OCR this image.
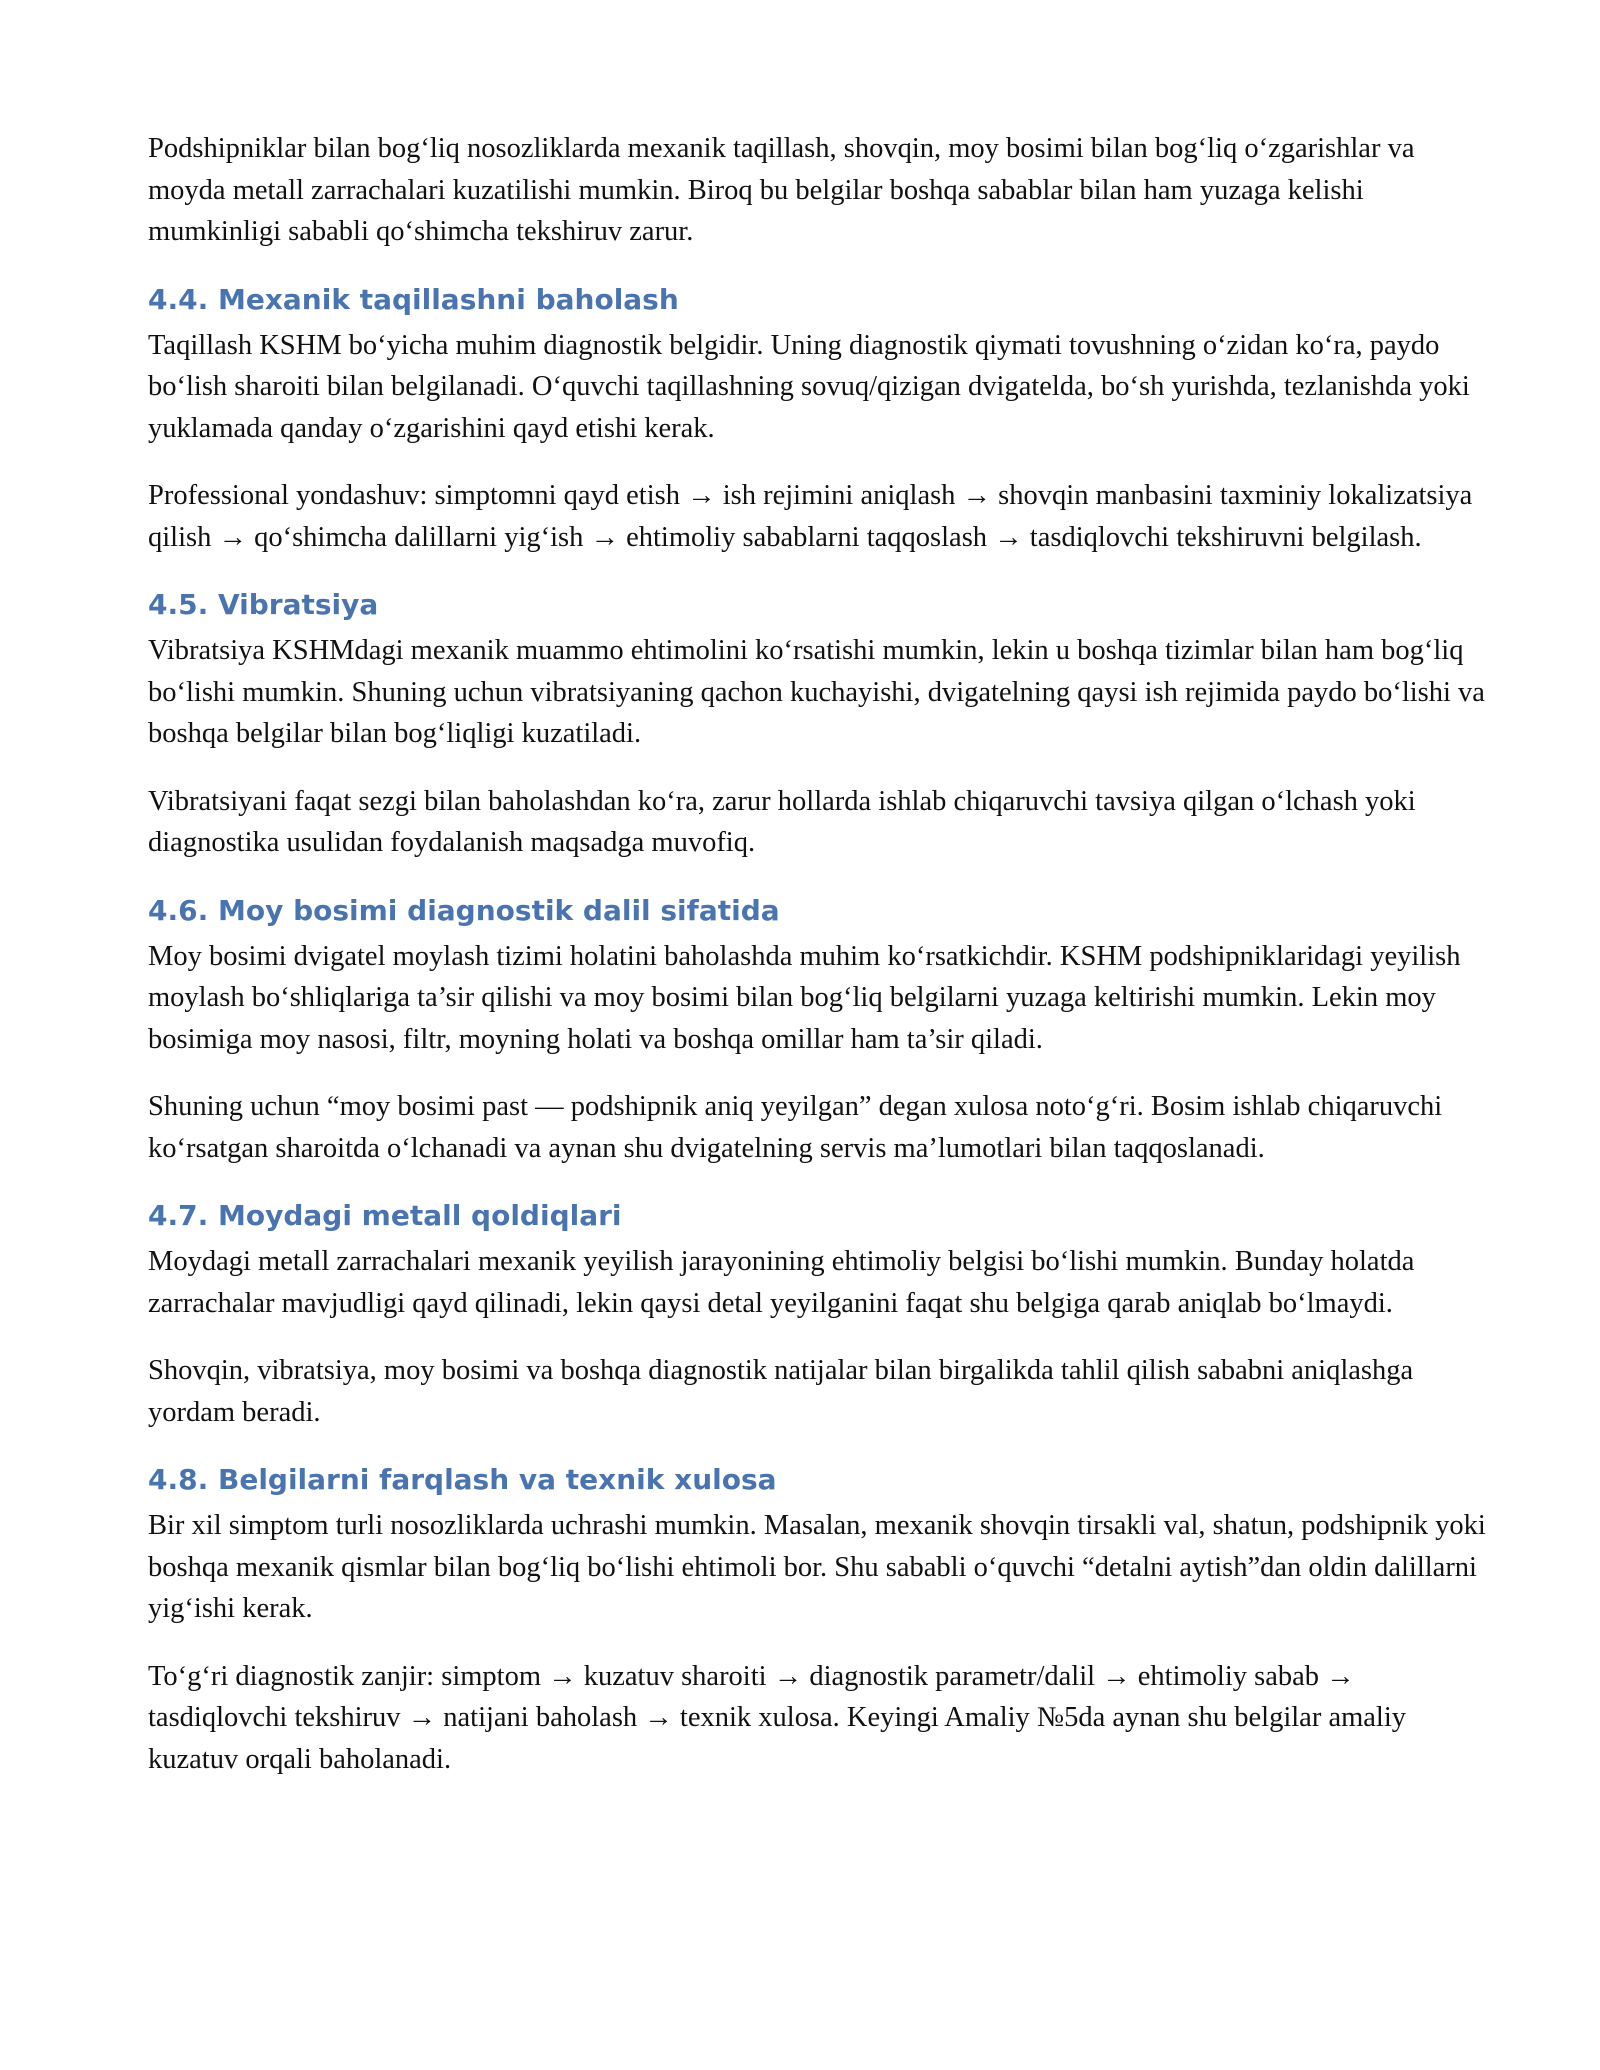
Podshipniklar bilan bog‘liq nosozliklarda mexanik taqillash, shovqin, moy bosimi bilan bog‘liq o‘zgarishlar va moyda metall zarrachalari kuzatilishi mumkin. Biroq bu belgilar boshqa sabablar bilan ham yuzaga kelishi mumkinligi sababli qo‘shimcha tekshiruv zarur.

4.4. Mexanik taqillashni baholash

Taqillash KSHM bo‘yicha muhim diagnostik belgidir. Uning diagnostik qiymati tovushning o‘zidan ko‘ra, paydo bo‘lish sharoiti bilan belgilanadi. O‘quvchi taqillashning sovuq/qizigan dvigatelda, bo‘sh yurishda, tezlanishda yoki yuklamada qanday o‘zgarishini qayd etishi kerak.

Professional yondashuv: simptomni qayd etish → ish rejimini aniqlash → shovqin manbasini taxminiy lokalizatsiya qilish → qo‘shimcha dalillarni yig‘ish → ehtimoliy sabablarni taqqoslash → tasdiqlovchi tekshiruvni belgilash.

4.5. Vibratsiya

Vibratsiya KSHMdagi mexanik muammo ehtimolini ko‘rsatishi mumkin, lekin u boshqa tizimlar bilan ham bog‘liq bo‘lishi mumkin. Shuning uchun vibratsiyaning qachon kuchayishi, dvigatelning qaysi ish rejimida paydo bo‘lishi va boshqa belgilar bilan bog‘liqligi kuzatiladi.

Vibratsiyani faqat sezgi bilan baholashdan ko‘ra, zarur hollarda ishlab chiqaruvchi tavsiya qilgan o‘lchash yoki diagnostika usulidan foydalanish maqsadga muvofiq.

4.6. Moy bosimi diagnostik dalil sifatida

Moy bosimi dvigatel moylash tizimi holatini baholashda muhim ko‘rsatkichdir. KSHM podshipniklaridagi yeyilish moylash bo‘shliqlariga ta’sir qilishi va moy bosimi bilan bog‘liq belgilarni yuzaga keltirishi mumkin. Lekin moy bosimiga moy nasosi, filtr, moyning holati va boshqa omillar ham ta’sir qiladi.

Shuning uchun “moy bosimi past — podshipnik aniq yeyilgan” degan xulosa noto‘g‘ri. Bosim ishlab chiqaruvchi ko‘rsatgan sharoitda o‘lchanadi va aynan shu dvigatelning servis ma’lumotlari bilan taqqoslanadi.

4.7. Moydagi metall qoldiqlari

Moydagi metall zarrachalari mexanik yeyilish jarayonining ehtimoliy belgisi bo‘lishi mumkin. Bunday holatda zarrachalar mavjudligi qayd qilinadi, lekin qaysi detal yeyilganini faqat shu belgiga qarab aniqlab bo‘lmaydi.

Shovqin, vibratsiya, moy bosimi va boshqa diagnostik natijalar bilan birgalikda tahlil qilish sababni aniqlashga yordam beradi.

4.8. Belgilarni farqlash va texnik xulosa

Bir xil simptom turli nosozliklarda uchrashi mumkin. Masalan, mexanik shovqin tirsakli val, shatun, podshipnik yoki boshqa mexanik qismlar bilan bog‘liq bo‘lishi ehtimoli bor. Shu sababli o‘quvchi “detalni aytish”dan oldin dalillarni yig‘ishi kerak.

To‘g‘ri diagnostik zanjir: simptom → kuzatuv sharoiti → diagnostik parametr/dalil → ehtimoliy sabab → tasdiqlovchi tekshiruv → natijani baholash → texnik xulosa. Keyingi Amaliy №5da aynan shu belgilar amaliy kuzatuv orqali baholanadi.
